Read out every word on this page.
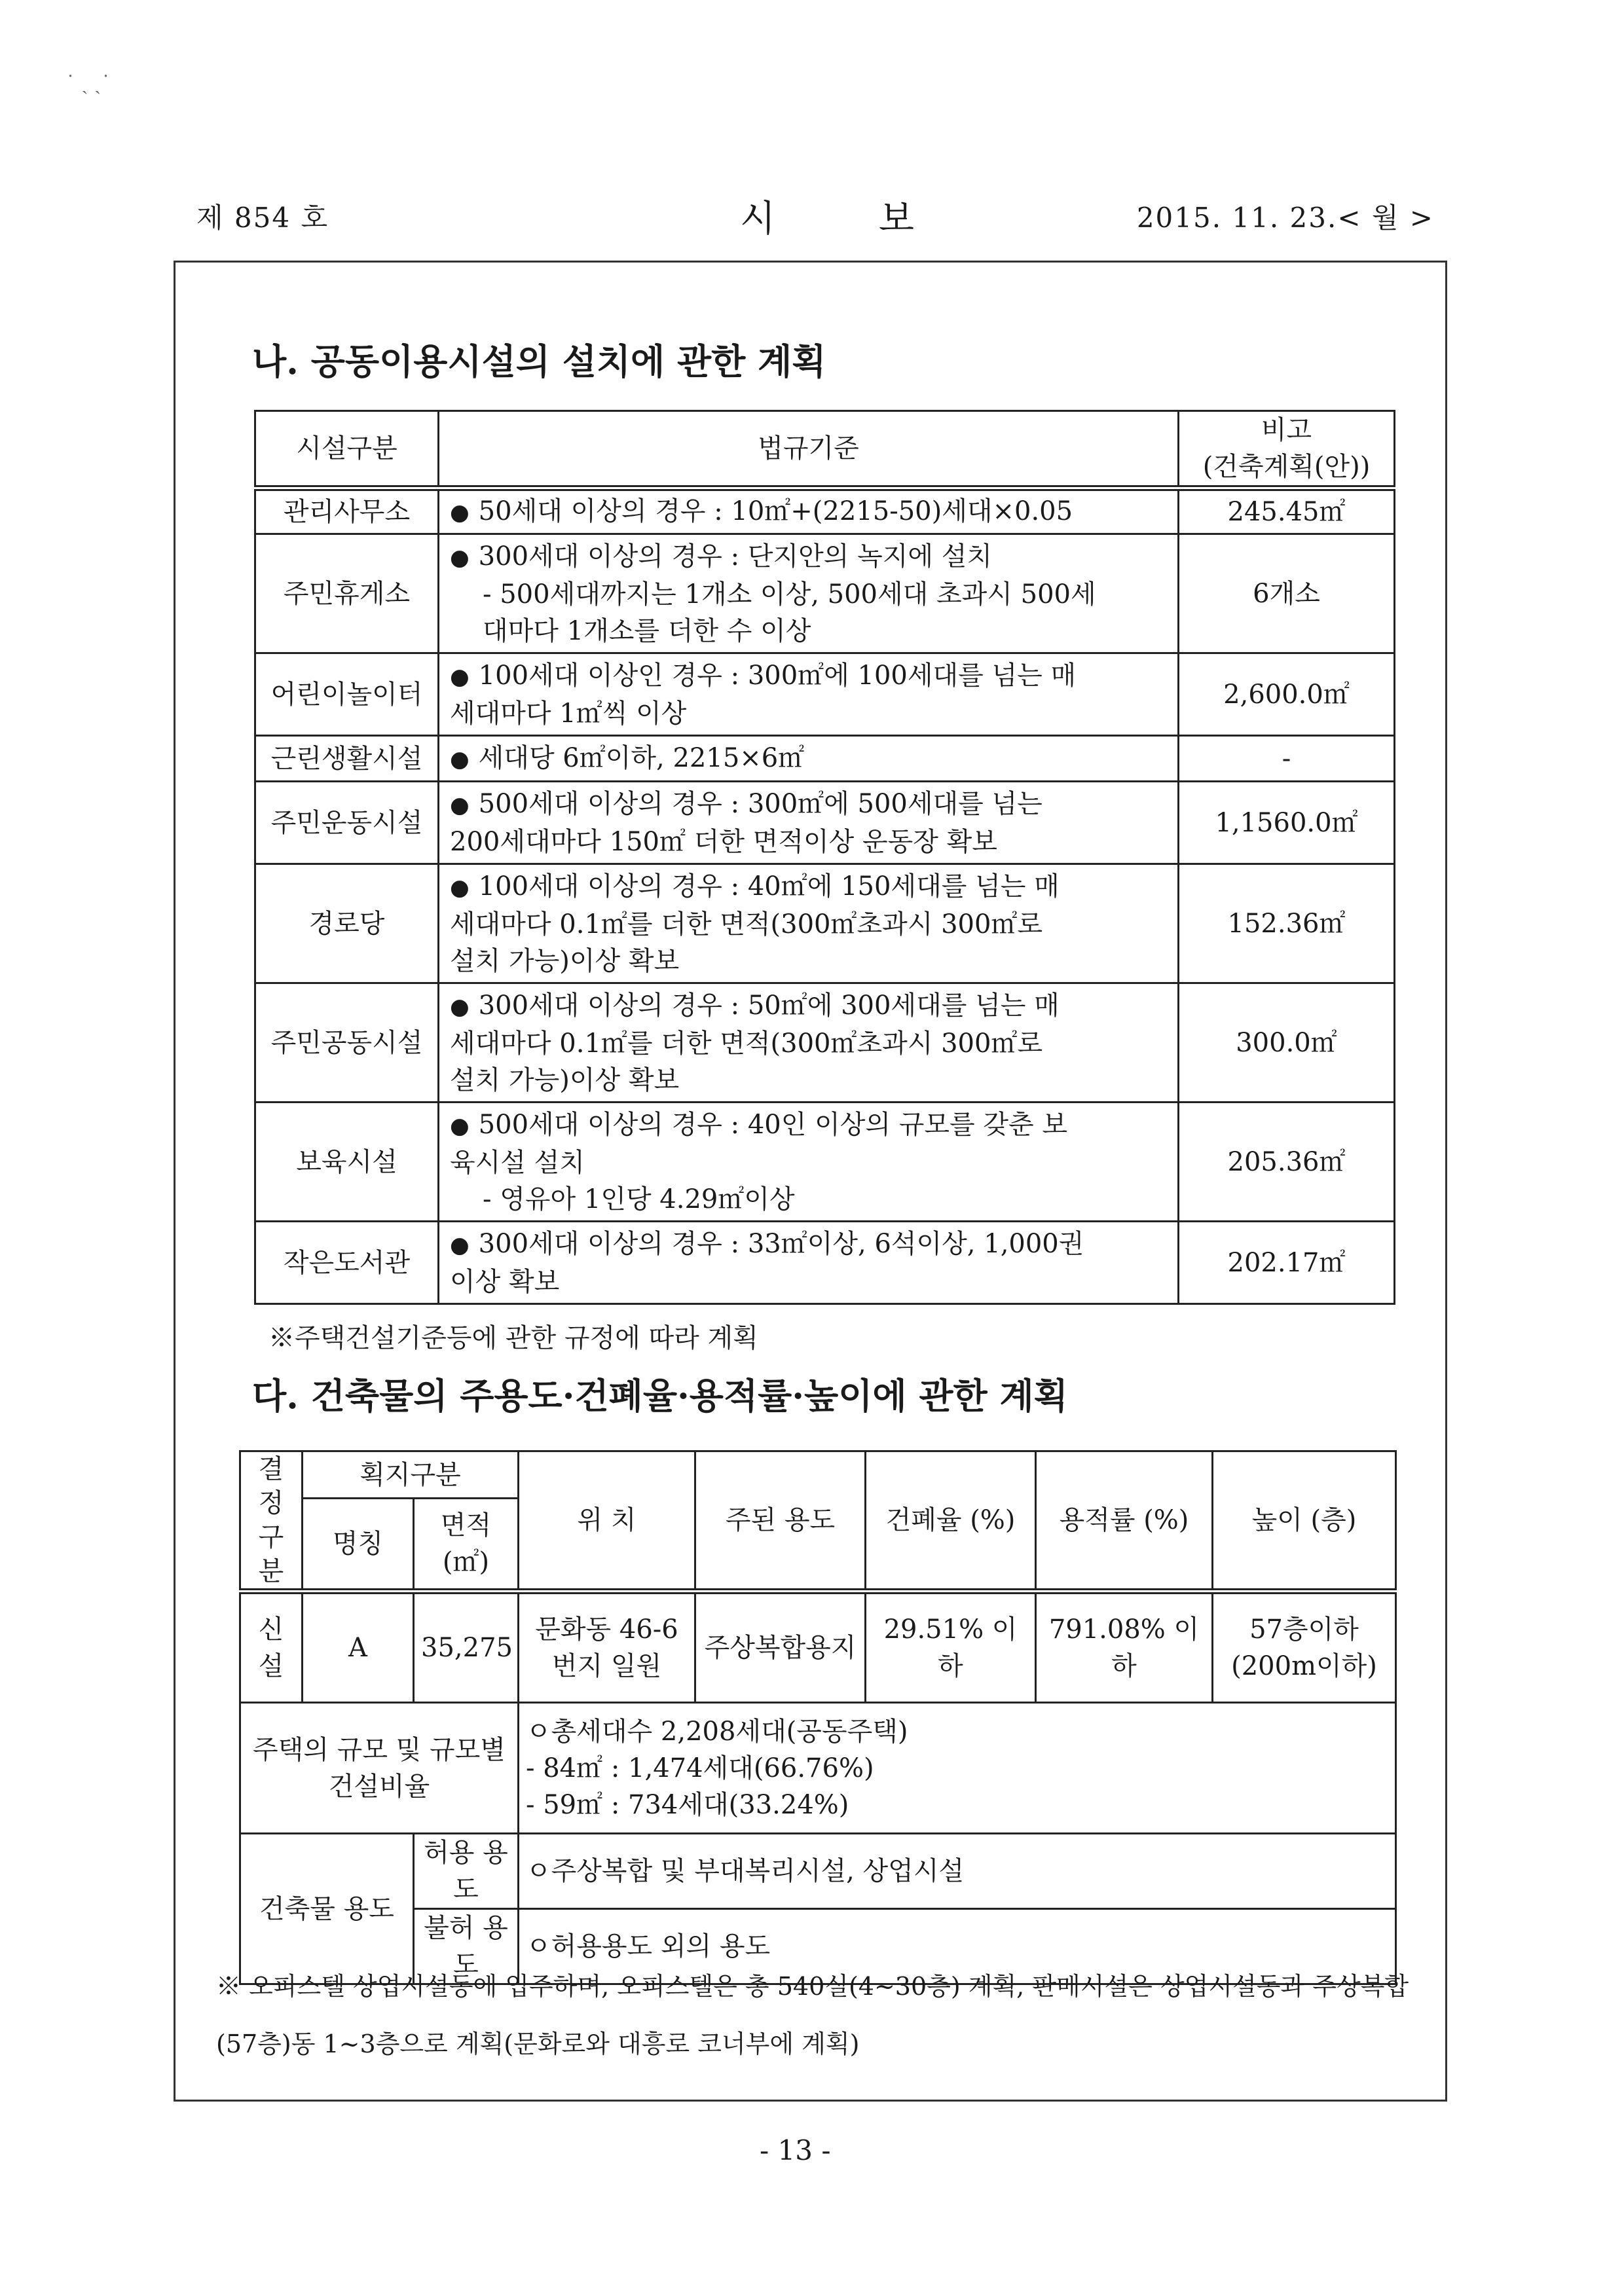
˙ ˎ ˎ˙
제 854 호	시 보	2015. 11. 23.< 월 >
나. 공동이용시설의 설치에 관한 계획
시설구분	법규기준	비고
(건축계획(안))

관리사무소	● 50세대 이상의 경우 : 10㎡+(2215-50)세대×0.05	245.45㎡
주민휴게소	● 300세대 이상의 경우 : 단지안의 녹지에 설치
- 500세대까지는 1개소 이상, 500세대 초과시 500세
대마다 1개소를 더한 수 이상	6개소
어린이놀이터	● 100세대 이상인 경우 : 300㎡에 100세대를 넘는 매
세대마다 1㎡씩 이상	2,600.0㎡
근린생활시설	● 세대당 6㎡이하, 2215×6㎡	-
주민운동시설	● 500세대 이상의 경우 : 300㎡에 500세대를 넘는
200세대마다 150㎡ 더한 면적이상 운동장 확보	1,1560.0㎡
경로당	● 100세대 이상의 경우 : 40㎡에 150세대를 넘는 매
세대마다 0.1㎡를 더한 면적(300㎡초과시 300㎡로
설치 가능)이상 확보	152.36㎡
주민공동시설	● 300세대 이상의 경우 : 50㎡에 300세대를 넘는 매
세대마다 0.1㎡를 더한 면적(300㎡초과시 300㎡로
설치 가능)이상 확보	300.0㎡
보육시설	● 500세대 이상의 경우 : 40인 이상의 규모를 갖춘 보
육시설 설치
- 영유아 1인당 4.29㎡이상	205.36㎡
작은도서관	● 300세대 이상의 경우 : 33㎡이상, 6석이상, 1,000권
이상 확보	202.17㎡
※주택건설기준등에 관한 규정에 따라 계획
다. 건축물의 주용도·건폐율·용적률·높이에 관한 계획
결정 구분	획지구분		위 치	주된 용도	건폐율 (%)	용적률 (%)	높이 (층)
	명칭	면적 (㎡)					
신설	A	35,275	문화동 46-6번지 일원	주상복합용지	29.51% 이하	791.08% 이하	57층이하 (200m이하)
주택의 규모 및 규모별 건설비율			ㅇ총세대수 2,208세대(공동주택)
- 84㎡ : 1,474세대(66.76%)
- 59㎡ : 734세대(33.24%)				

건축물 용도		허용 용도	ㅇ주상복합 및 부대복리시설, 상업시설				
		불허 용도	ㅇ허용용도 외의 용도				
※ 오피스텔 상업시설동에 입주하며, 오피스텔은 총 540실(4~30층) 계획, 판매시설은 상업시설동과 주상복합(57층)동 1~3층으로 계획(문화로와 대흥로 코너부에 계획)
- 13 -
